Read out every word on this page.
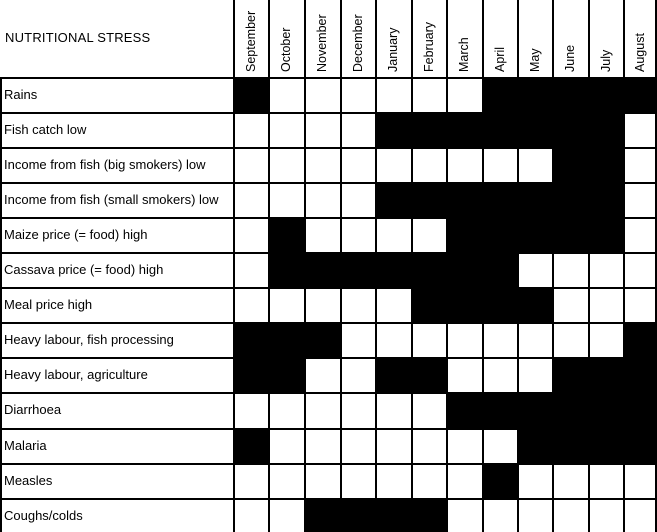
NUTRITIONAL STRESS	September October November December January February March April May June July August
Rains
Fish catch low
Income from fish (big smokers) low
Income from fish (small smokers) low
Maize price (= food) high
Cassava price (= food) high
Meal price high
Heavy labour, fish processing
Heavy labour, agriculture
Diarrhoea
Malaria
Measles
Coughs/colds
